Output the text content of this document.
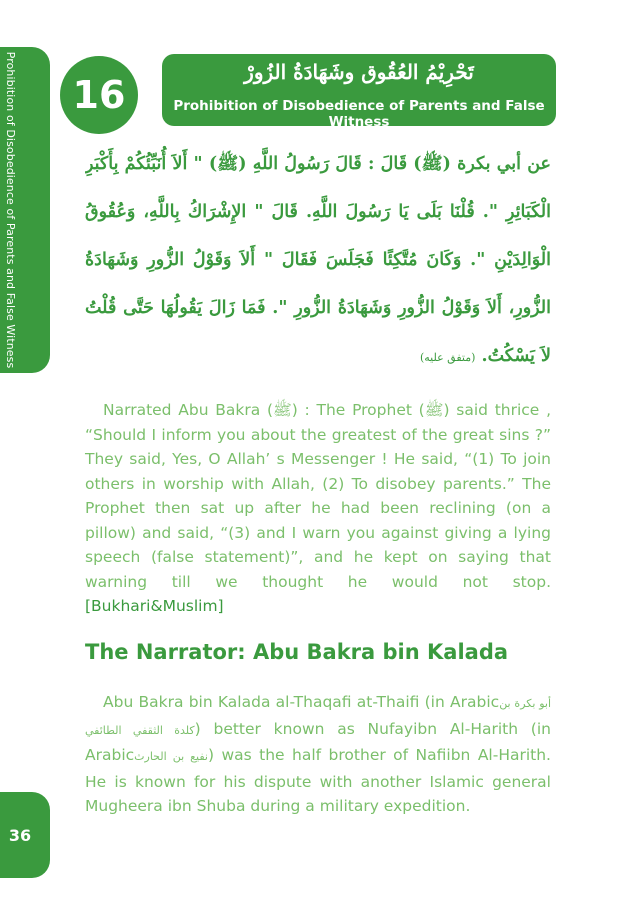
Prohibition of Disobedience of Parents and False Witness
36
16
تَحْرِيْمُ العُقُوق وشَهَادَةُ الزُورْ
Prohibition of Disobedience of Parents and False Witness
عن أبي بكرة (ﷺ) قَالَ : قَالَ رَسُولُ اللَّهِ (ﷺ) " أَلاَ أُنَبِّئُكُمْ بِأَكْبَرِ
الْكَبَائِرِ ". قُلْنَا بَلَى يَا رَسُولَ اللَّهِ. قَالَ " الإِشْرَاكُ بِاللَّهِ، وَعُقُوقُ
الْوَالِدَيْنِ ". وَكَانَ مُتَّكِئًا فَجَلَسَ فَقَالَ " أَلاَ وَقَوْلُ الزُّورِ وَشَهَادَةُ
الزُّورِ، أَلاَ وَقَوْلُ الزُّورِ وَشَهَادَةُ الزُّورِ ". فَمَا زَالَ يَقُولُهَا حَتَّى قُلْتُ
لاَ يَسْكُتُ. (متفق عليه)

Narrated Abu Bakra (ﷺ) : The Prophet (ﷺ) said thrice , “Should I inform you about the greatest of the great sins ?” They said, Yes, O Allah’ s Messenger ! He said, “(1) To join others in worship with Allah, (2) To disobey parents.” The Prophet then sat up after he had been reclining (on a pillow) and said, “(3) and I warn you against giving a lying speech (false statement)”, and he kept on saying that warning till we thought he would not stop. [Bukhari&Muslim]

The Narrator: Abu Bakra bin Kalada

Abu Bakra bin Kalada al-Thaqafi at-Thaifi (in Arabicأبو بكرة بن كلدة الثقفي الطائفي) better known as Nufayibn Al-Harith (in Arabicنفيع بن الحارث) was the half brother of Nafiibn Al-Harith. He is known for his dispute with another Islamic general Mugheera ibn Shuba during a military expedition.
